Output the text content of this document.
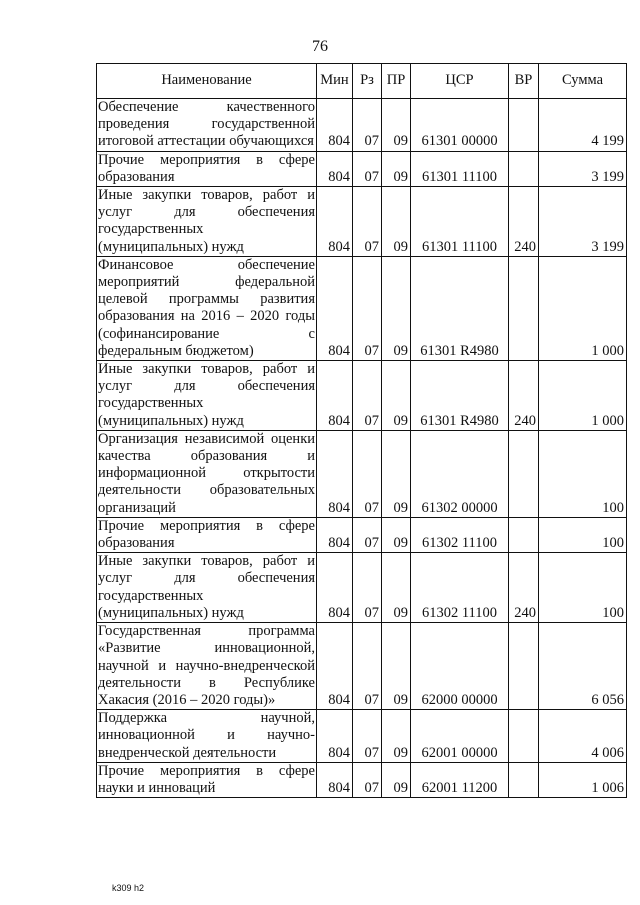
76
Наименование	Мин	Рз	ПР	ЦСР	ВР	Сумма
Обеспечение качественного проведения государственной итоговой аттестации обучающихся	804	07	09	61301 00000		4 199
Прочие мероприятия в сфере образования	804	07	09	61301 11100		3 199
Иные закупки товаров, работ и услуг для обеспечения государственных (муниципальных) нужд	804	07	09	61301 11100	240	3 199
Финансовое обеспечение мероприятий федеральной целевой программы развития образования на 2016 – 2020 годы (софинансирование с федеральным бюджетом)	804	07	09	61301 R4980		1 000
Иные закупки товаров, работ и услуг для обеспечения государственных (муниципальных) нужд	804	07	09	61301 R4980	240	1 000
Организация независимой оценки качества образования и информационной открытости деятельности образовательных организаций	804	07	09	61302 00000		100
Прочие мероприятия в сфере образования	804	07	09	61302 11100		100
Иные закупки товаров, работ и услуг для обеспечения государственных (муниципальных) нужд	804	07	09	61302 11100	240	100
Государственная программа «Развитие инновационной, научной и научно-внедренческой деятельности в Республике Хакасия (2016 – 2020 годы)»	804	07	09	62000 00000		6 056
Поддержка научной, инновационной и научно-внедренческой деятельности	804	07	09	62001 00000		4 006
Прочие мероприятия в сфере науки и инноваций	804	07	09	62001 11200		1 006
k309 h2
